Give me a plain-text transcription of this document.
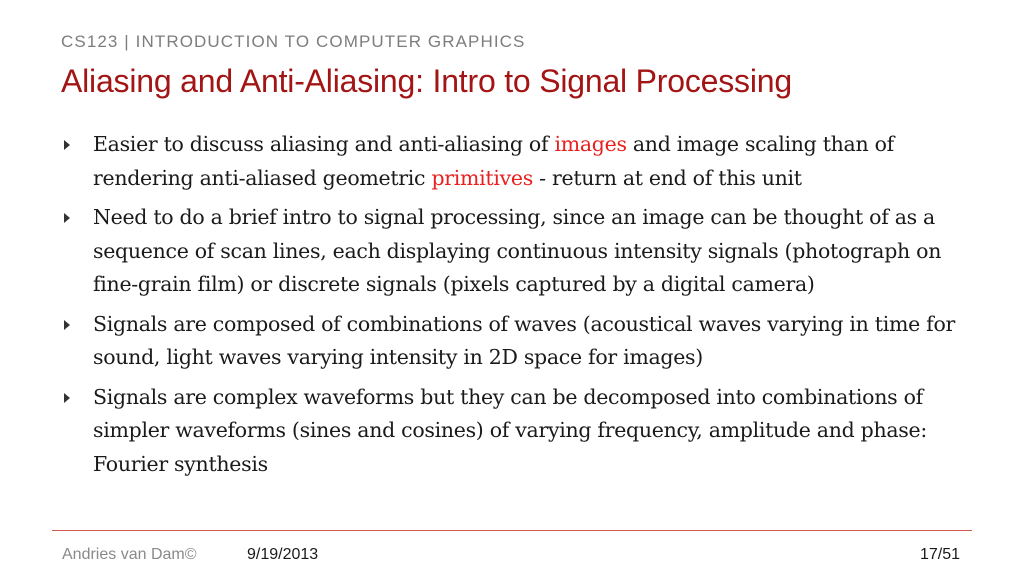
CS123 | INTRODUCTION TO COMPUTER GRAPHICS
Aliasing and Anti-Aliasing: Intro to Signal Processing
Easier to discuss aliasing and anti-aliasing of images and image scaling than of rendering anti-aliased geometric primitives - return at end of this unit
Need to do a brief intro to signal processing, since an image can be thought of as a sequence of scan lines, each displaying continuous intensity signals (photograph on fine-grain film) or discrete signals (pixels captured by a digital camera)
Signals are composed of combinations of waves (acoustical waves varying in time for sound, light waves varying intensity in 2D space for images)
Signals are complex waveforms but they can be decomposed into combinations of simpler waveforms (sines and cosines) of varying frequency, amplitude and phase: Fourier synthesis
Andries van Dam©	9/19/2013	17/51
